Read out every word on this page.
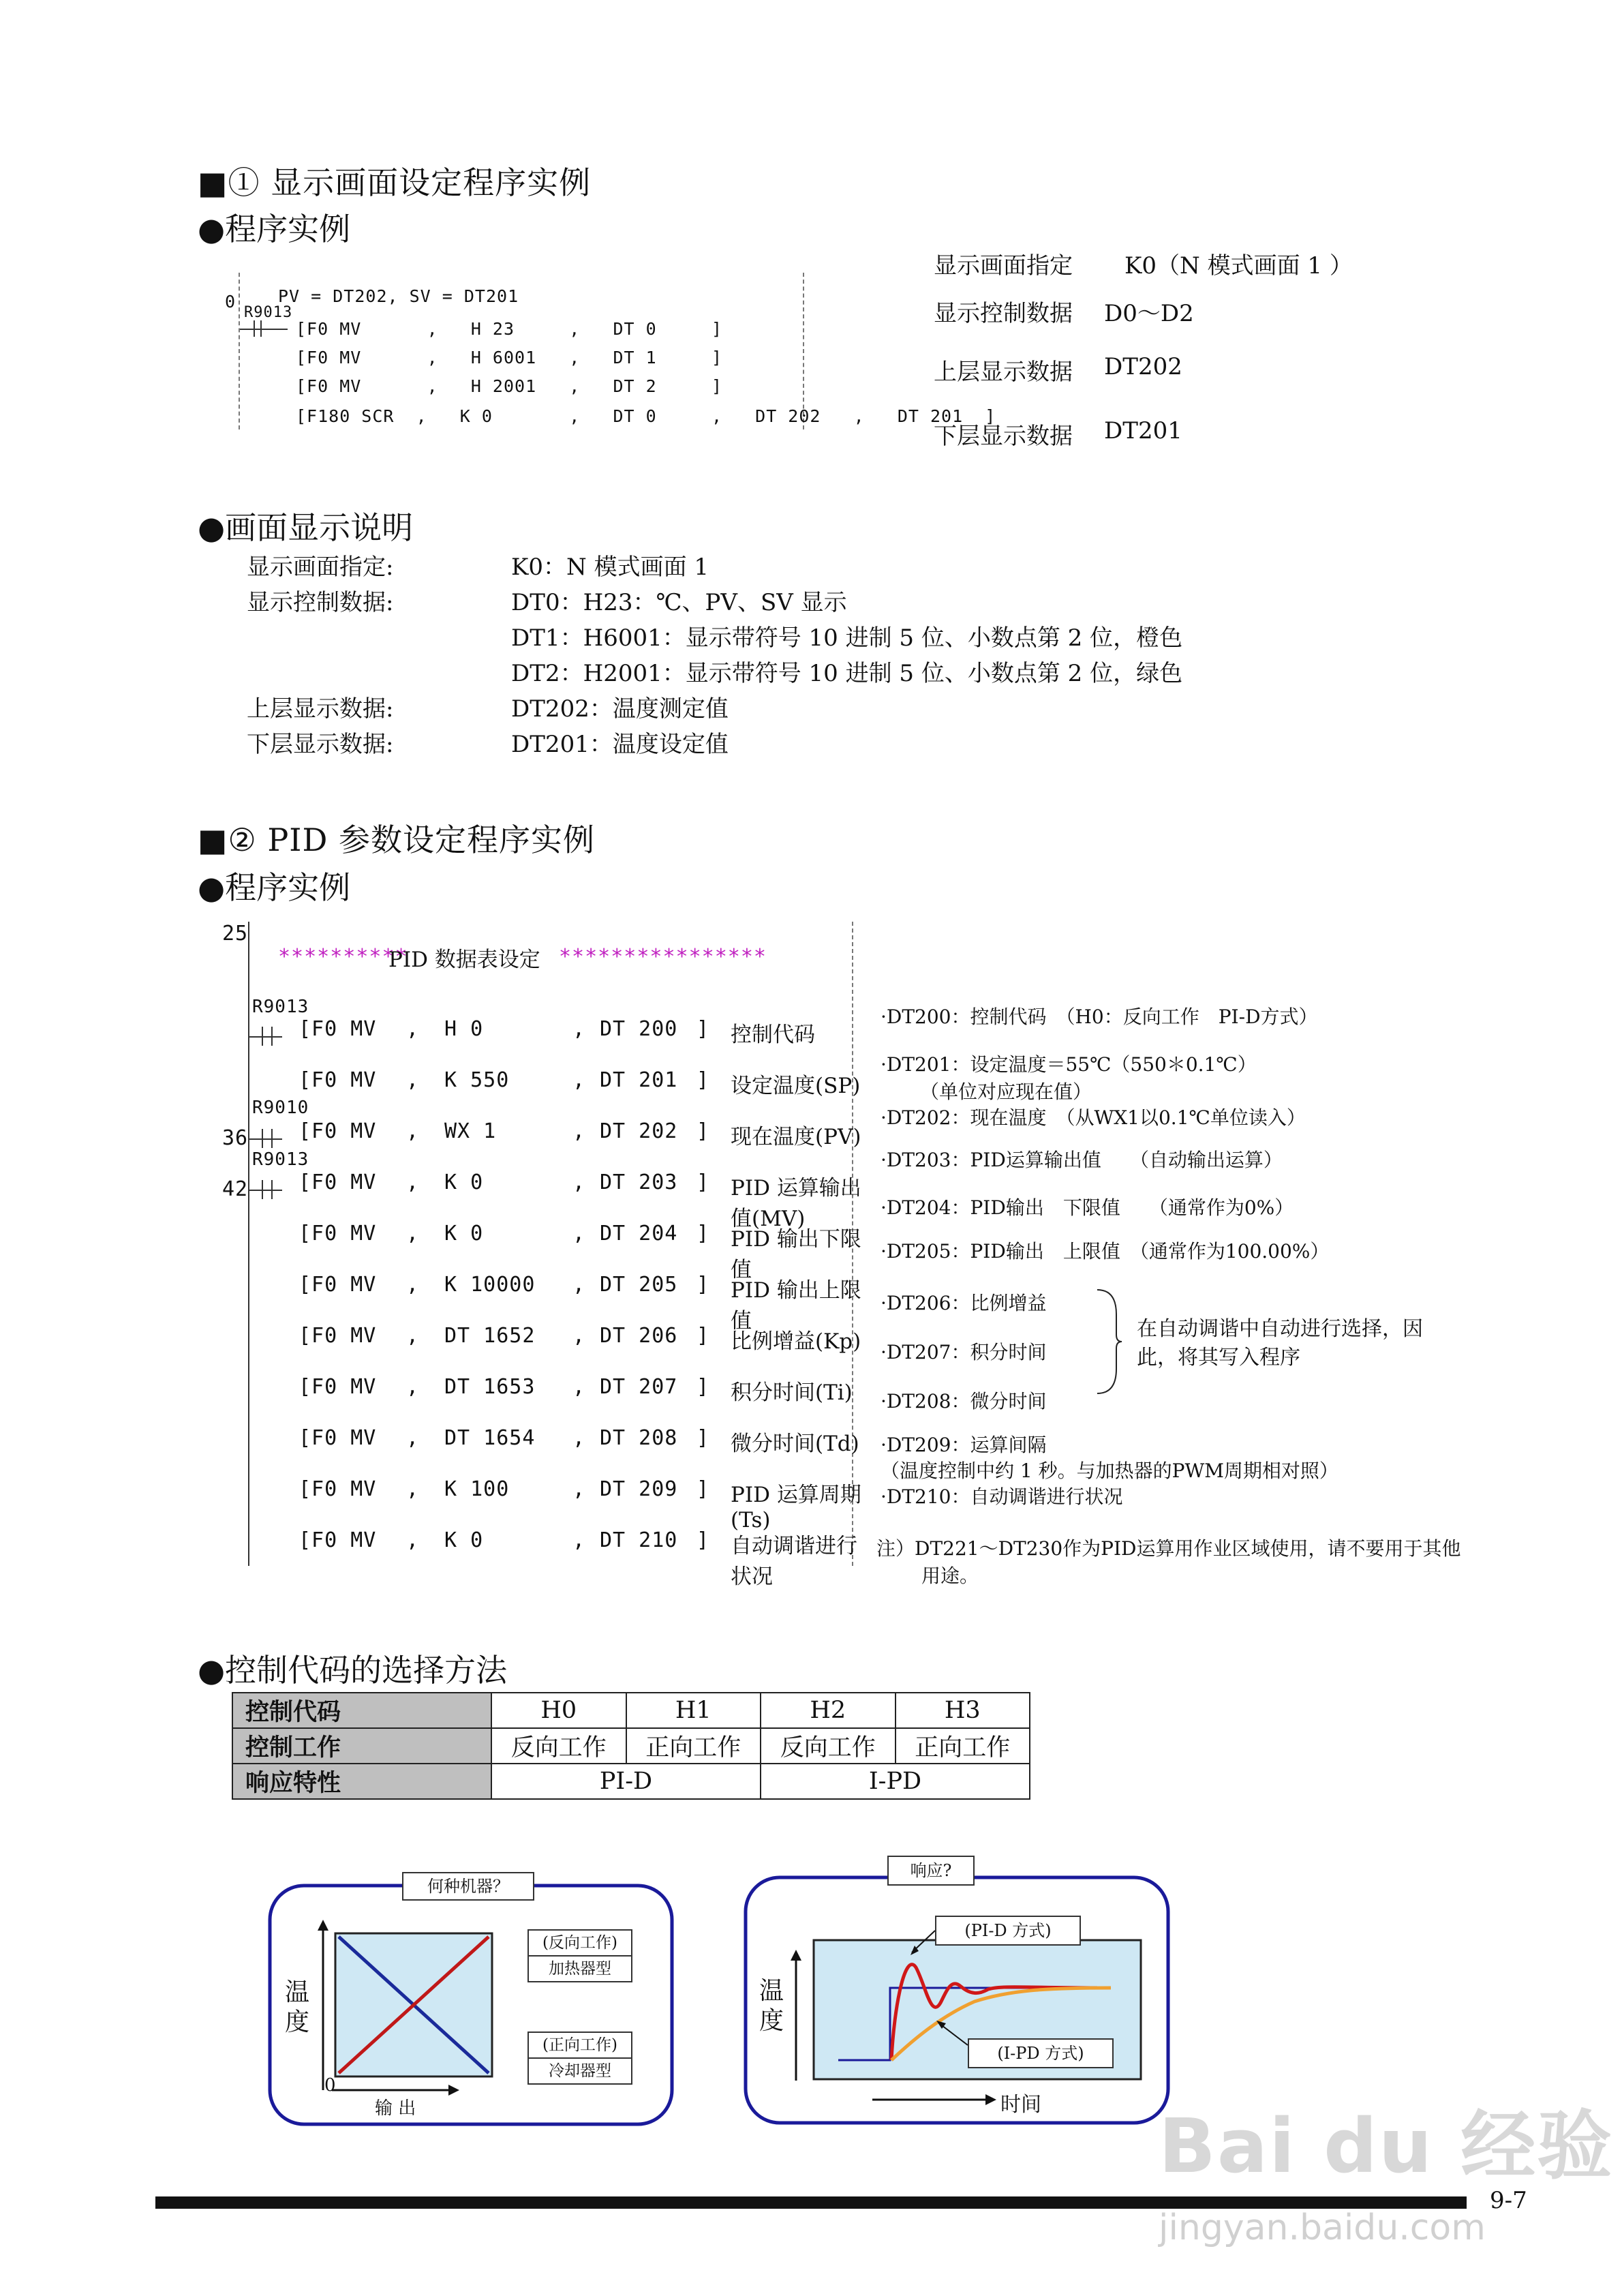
■① 显示画面设定程序实例
●程序实例
0 PV = DT202, SV = DT201
R9013
[F0 MV      ,   H 23     ,   DT 0     ]
[F0 MV      ,   H 6001   ,   DT 1     ]
[F0 MV      ,   H 2001   ,   DT 2     ]
[F180 SCR  ,   K 0       ,   DT 0     ,   DT 202   ,   DT 201  ]
显示画面指定 K0（N 模式画面 1 ）
显示控制数据 D0～D2
上层显示数据 DT202
下层显示数据 DT201
●画面显示说明
显示画面指定:	K0：N 模式画面 1
显示控制数据:	DT0：H23：℃、PV、SV 显示
DT1：H6001：显示带符号 10 进制 5 位、小数点第 2 位，橙色
DT2：H2001：显示带符号 10 进制 5 位、小数点第 2 位，绿色
上层显示数据:	DT202：温度测定值
下层显示数据:	DT201：温度设定值
■② PID 参数设定程序实例
●程序实例
25
36
42
**********
PID 数据表设定 ****************
R9013
R9010
R9013
[F0 MV , H 0	, DT 200 ] 控制代码
[F0 MV , K 550	, DT 201 ] 设定温度(SP)
[F0 MV , WX 1	, DT 202 ] 现在温度(PV)
[F0 MV , K 0	, DT 203 ] PID 运算输出值(MV)
[F0 MV , K 0	, DT 204 ] PID 输出下限值
[F0 MV , K 10000 , DT 205 ] PID 输出上限值
[F0 MV , DT 1652 , DT 206 ] 比例增益(Kp)
[F0 MV , DT 1653 , DT 207 ] 积分时间(Ti)
[F0 MV , DT 1654 , DT 208 ] 微分时间(Td)
[F0 MV , K 100	, DT 209 ] PID 运算周期(Ts)
[F0 MV , K 0	, DT 210 ] 自动调谐进行状况
·DT200：控制代码　（H0：反向工作　PI-D方式）
·DT201：设定温度＝55℃（550＊0.1℃）
（单位对应现在值）
·DT202：现在温度　（从WX1以0.1℃单位读入）
·DT203：PID运算输出值　　（自动输出运算）
·DT204：PID输出　下限值　　（通常作为0%）
·DT205：PID输出　上限值　（通常作为100.00%）
·DT206：比例增益
·DT207：积分时间
·DT208：微分时间
在自动调谐中自动进行选择，因
此，将其写入程序
·DT209：运算间隔
（温度控制中约 1 秒。与加热器的PWM周期相对照）
·DT210：自动调谐进行状况
注）DT221～DT230作为PID运算用作业区域使用，请不要用于其他
用途。
●控制代码的选择方法
控制代码	H0	H1	H2	H3
控制工作	反向工作	正向工作	反向工作	正向工作
响应特性	PI-D		I-PD	
何种机器？
温
度
0
输 出
(反向工作)
加热器型
(正向工作)
冷却器型
响应?
温
度
时间
(PI-D 方式)
(I-PD 方式)
9-7
Bai du 经验
jingyan.baidu.com
